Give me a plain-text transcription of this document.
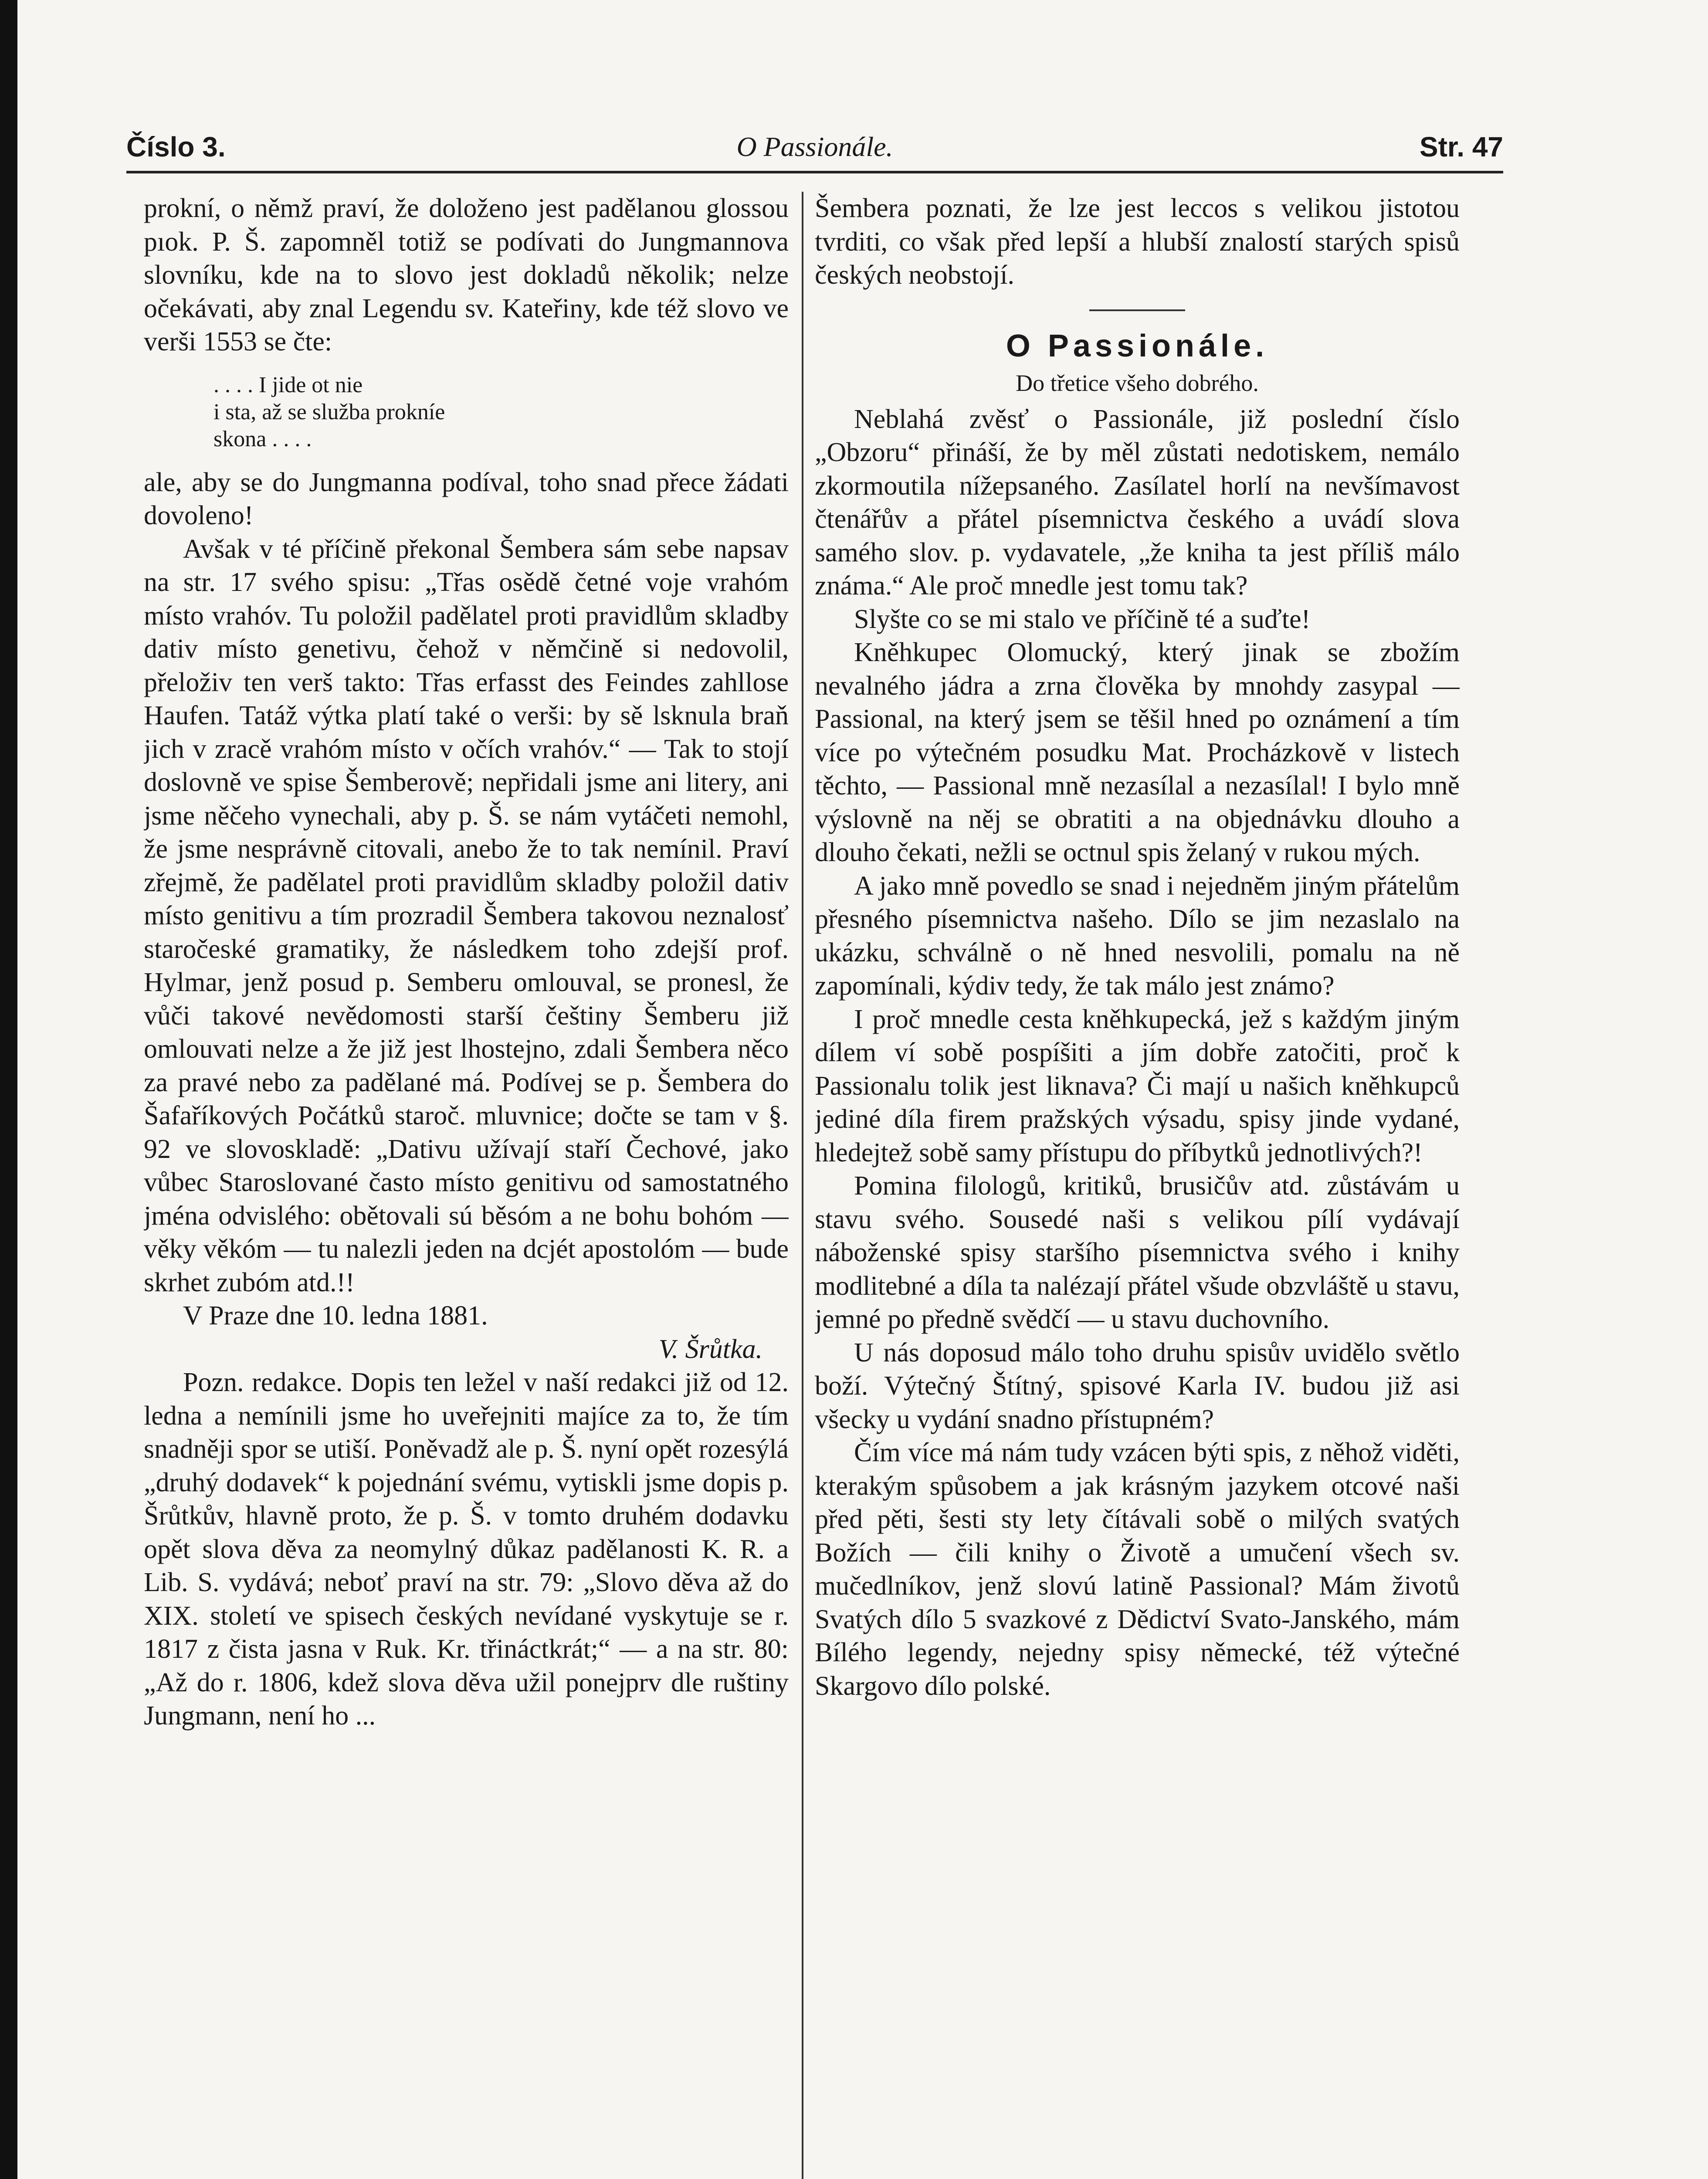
Číslo 3.	O Passionále.	Str. 47

prokní, o němž praví, že doloženo jest padělanou glossou pıok. P. Š. zapomněl totiž se podívati do Jungmannova slovníku, kde na to slovo jest dokladů několik; nelze očekávati, aby znal Legendu sv. Kateřiny, kde též slovo ve verši 1553 se čte:

. . . . I jide ot nie
i sta, až se služba prokníe
skona . . . .

ale, aby se do Jungmanna podíval, toho snad přece žádati dovoleno!

Avšak v té příčině překonal Šembera sám sebe napsav na str. 17 svého spisu: „Třas osědě četné voje vrahóm místo vrahóv. Tu položil padělatel proti pravidlům skladby dativ místo genetivu, čehož v němčině si nedovolil, přeloživ ten verš takto: Třas erfasst des Feindes zahllose Haufen. Tatáž výtka platí také o verši: by sě lsknula braň jich v zracě vrahóm místo v očích vrahóv.“ — Tak to stojí doslovně ve spise Šemberově; nepřidali jsme ani litery, ani jsme něčeho vynechali, aby p. Š. se nám vytáčeti nemohl, že jsme nesprávně citovali, anebo že to tak nemínil. Praví zřejmě, že padělatel proti pravidlům skladby položil dativ místo genitivu a tím prozradil Šembera takovou neznalosť staročeské gramatiky, že následkem toho zdejší prof. Hylmar, jenž posud p. Semberu omlouval, se pronesl, že vůči takové nevědomosti starší češtiny Šemberu již omlouvati nelze a že již jest lhostejno, zdali Šembera něco za pravé nebo za padělané má. Podívej se p. Šembera do Šafaříkových Počátků staroč. mluvnice; dočte se tam v §. 92 ve slovoskladě: „Dativu užívají staří Čechové, jako vůbec Staroslované často místo genitivu od samostatného jména odvislého: obětovali sú běsóm a ne bohu bohóm — věky věkóm — tu nalezli jeden na dcjét apostolóm — bude skrhet zubóm atd.!!

V Praze dne 10. ledna 1881.

V. Šrůtka.

Pozn. redakce. Dopis ten ležel v naší redakci již od 12. ledna a nemínili jsme ho uveřejniti majíce za to, že tím snadněji spor se utiší. Poněvadž ale p. Š. nyní opět rozesýlá „druhý dodavek“ k pojednání svému, vytiskli jsme dopis p. Šrůtkův, hlavně proto, že p. Š. v tomto druhém dodavku opět slova děva za neomylný důkaz padělanosti K. R. a Lib. S. vydává; neboť praví na str. 79: „Slovo děva až do XIX. století ve spisech českých nevídané vyskytuje se r. 1817 z čista jasna v Ruk. Kr. třináctkrát;“ — a na str. 80: „Až do r. 1806, kdež slova děva užil ponejprv dle ruštiny Jungmann, není ho ...

Šembera poznati, že lze jest leccos s velikou jistotou tvrditi, co však před lepší a hlubší znalostí starých spisů českých neobstojí.

O Passionále.
Do třetice všeho dobrého.

Neblahá zvěsť o Passionále, již poslední číslo „Obzoru“ přináší, že by měl zůstati nedotiskem, nemálo zkormoutila nížepsaného. Zasílatel horlí na nevšímavost čtenářův a přátel písemnictva českého a uvádí slova samého slov. p. vydavatele, „že kniha ta jest příliš málo známa.“ Ale proč mnedle jest tomu tak?

Slyšte co se mi stalo ve příčině té a suďte!

Kněhkupec Olomucký, který jinak se zbožím nevalného jádra a zrna člověka by mnohdy zasypal — Passional, na který jsem se těšil hned po oznámení a tím více po výtečném posudku Mat. Procházkově v listech těchto, — Passional mně nezasílal a nezasílal! I bylo mně výslovně na něj se obratiti a na objednávku dlouho a dlouho čekati, nežli se octnul spis želaný v rukou mých.

A jako mně povedlo se snad i nejednĕm jiným přátelům přesného písemnictva našeho. Dílo se jim nezaslalo na ukázku, schválně o ně hned nesvolili, pomalu na ně zapomínali, kýdiv tedy, že tak málo jest známo?

I proč mnedle cesta kněhkupecká, jež s každým jiným dílem ví sobě pospíšiti a jím dobře zatočiti, proč k Passionalu tolik jest liknava? Či mají u našich kněhkupců jediné díla firem pražských výsadu, spisy jinde vydané, hledejtež sobě samy přístupu do příbytků jednotlivých?!

Pomina filologů, kritiků, brusičův atd. zůstávám u stavu svého. Sousedé naši s velikou pílí vydávají náboženské spisy staršího písemnictva svého i knihy modlitebné a díla ta nalézají přátel všude obzvláště u stavu, jemné po předně svědčí — u stavu duchovního.

U nás doposud málo toho druhu spisův uvidělo světlo boží. Výtečný Štítný, spisové Karla IV. budou již asi všecky u vydání snadno přístupném?

Čím více má nám tudy vzácen býti spis, z něhož viděti, kterakým spůsobem a jak krásným jazykem otcové naši před pěti, šesti sty lety čítávali sobě o milých svatých Božích — čili knihy o Životě a umučení všech sv. mučedlníkov, jenž slovú latině Passional? Mám životů Svatých dílo 5 svazkové z Dědictví Svato-Janského, mám Bílého legendy, nejedny spisy německé, též výtečné Skargovo dílo polské.
